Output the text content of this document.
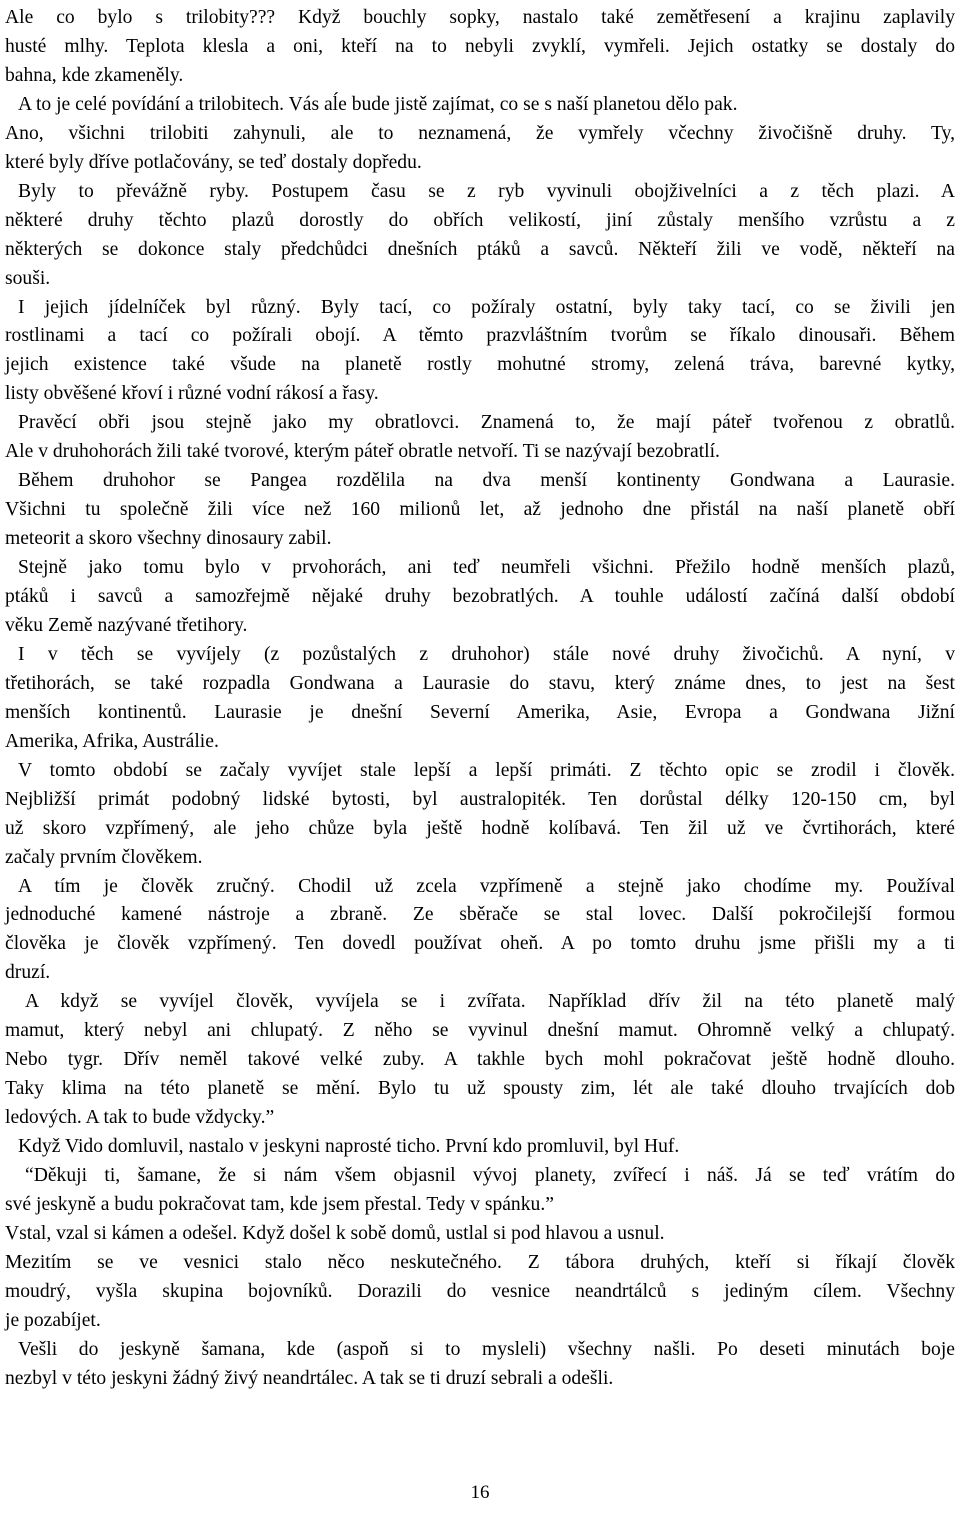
Ale co bylo s trilobity??? Když bouchly sopky, nastalo také zemětřesení a krajinu zaplavily
husté mlhy. Teplota klesla a oni, kteří na to nebyli zvyklí, vymřeli. Jejich ostatky se dostaly do
bahna, kde zkameněly.
A to je celé povídání a trilobitech. Vás aĺe bude jistě zajímat, co se s naší planetou dělo pak.
Ano, všichni trilobiti zahynuli, ale to neznamená, že vymřely včechny živočišně druhy. Ty,
které byly dříve potlačovány, se teď dostaly dopředu.
Byly to převážně ryby. Postupem času se z ryb vyvinuli obojživelníci a z těch plazi. A
některé druhy těchto plazů dorostly do obřích velikostí, jiní zůstaly menšího vzrůstu a z
některých se dokonce staly předchůdci dnešních ptáků a savců. Někteří žili ve vodě, někteří na
souši.
I jejich jídelníček byl různý. Byly tací, co požíraly ostatní, byly taky tací, co se živili jen
rostlinami a tací co požírali obojí. A těmto prazvláštním tvorům se říkalo dinousaři. Během
jejich existence také všude na planetě rostly mohutné stromy, zelená tráva, barevné kytky,
listy obvěšené křoví i různé vodní rákosí a řasy.
Pravěcí obři jsou stejně jako my obratlovci. Znamená to, že mají páteř tvořenou z obratlů.
Ale v druhohorách žili také tvorové, kterým páteř obratle netvoří. Ti se nazývají bezobratlí.
Během druhohor se Pangea rozdělila na dva menší kontinenty Gondwana a Laurasie.
Všichni tu společně žili více než 160 milionů let, až jednoho dne přistál na naší planetě obří
meteorit a skoro všechny dinosaury zabil.
Stejně jako tomu bylo v prvohorách, ani teď neumřeli všichni. Přežilo hodně menších plazů,
ptáků i savců a samozřejmě nějaké druhy bezobratlých. A touhle událostí začíná další období
věku Země nazývané třetihory.
I v těch se vyvíjely (z pozůstalých z druhohor) stále nové druhy živočichů. A nyní, v
třetihorách, se také rozpadla Gondwana a Laurasie do stavu, který známe dnes, to jest na šest
menších kontinentů. Laurasie je dnešní Severní Amerika, Asie, Evropa a Gondwana Jižní
Amerika, Afrika, Austrálie.
V tomto období se začaly vyvíjet stale lepší a lepší primáti. Z těchto opic se zrodil i člověk.
Nejbližší primát podobný lidské bytosti, byl australopiték. Ten dorůstal délky 120-150 cm, byl
už skoro vzpřímený, ale jeho chůze byla ještě hodně kolíbavá. Ten žil už ve čvrtihorách, které
začaly prvním člověkem.
A tím je člověk zručný. Chodil už zcela vzpřímeně a stejně jako chodíme my. Používal
jednoduché kamené nástroje a zbraně. Ze sběrače se stal lovec. Další pokročilejší formou
člověka je člověk vzpřímený. Ten dovedl používat oheň. A po tomto druhu jsme přišli my a ti
druzí.
A když se vyvíjel člověk, vyvíjela se i zvířata. Například dřív žil na této planetě malý
mamut, který nebyl ani chlupatý. Z něho se vyvinul dnešní mamut. Ohromně velký a chlupatý.
Nebo tygr. Dřív neměl takové velké zuby. A takhle bych mohl pokračovat ještě hodně dlouho.
Taky klima na této planetě se mění. Bylo tu už spousty zim, lét ale také dlouho trvajících dob
ledových. A tak to bude vždycky.”
Když Vido domluvil, nastalo v jeskyni naprosté ticho. První kdo promluvil, byl Huf.
“Děkuji ti, šamane, že si nám všem objasnil vývoj planety, zvířecí i náš. Já se teď vrátím do
své jeskyně a budu pokračovat tam, kde jsem přestal. Tedy v spánku.”
Vstal, vzal si kámen a odešel. Když došel k sobě domů, ustlal si pod hlavou a usnul.
Mezitím se ve vesnici stalo něco neskutečného. Z tábora druhých, kteří si říkají člověk
moudrý, vyšla skupina bojovníků. Dorazili do vesnice neandrtálců s jediným cílem. Všechny
je pozabíjet.
Vešli do jeskyně šamana, kde (aspoň si to mysleli) všechny našli. Po deseti minutách boje
nezbyl v této jeskyni žádný živý neandrtálec. A tak se ti druzí sebrali a odešli.
16
